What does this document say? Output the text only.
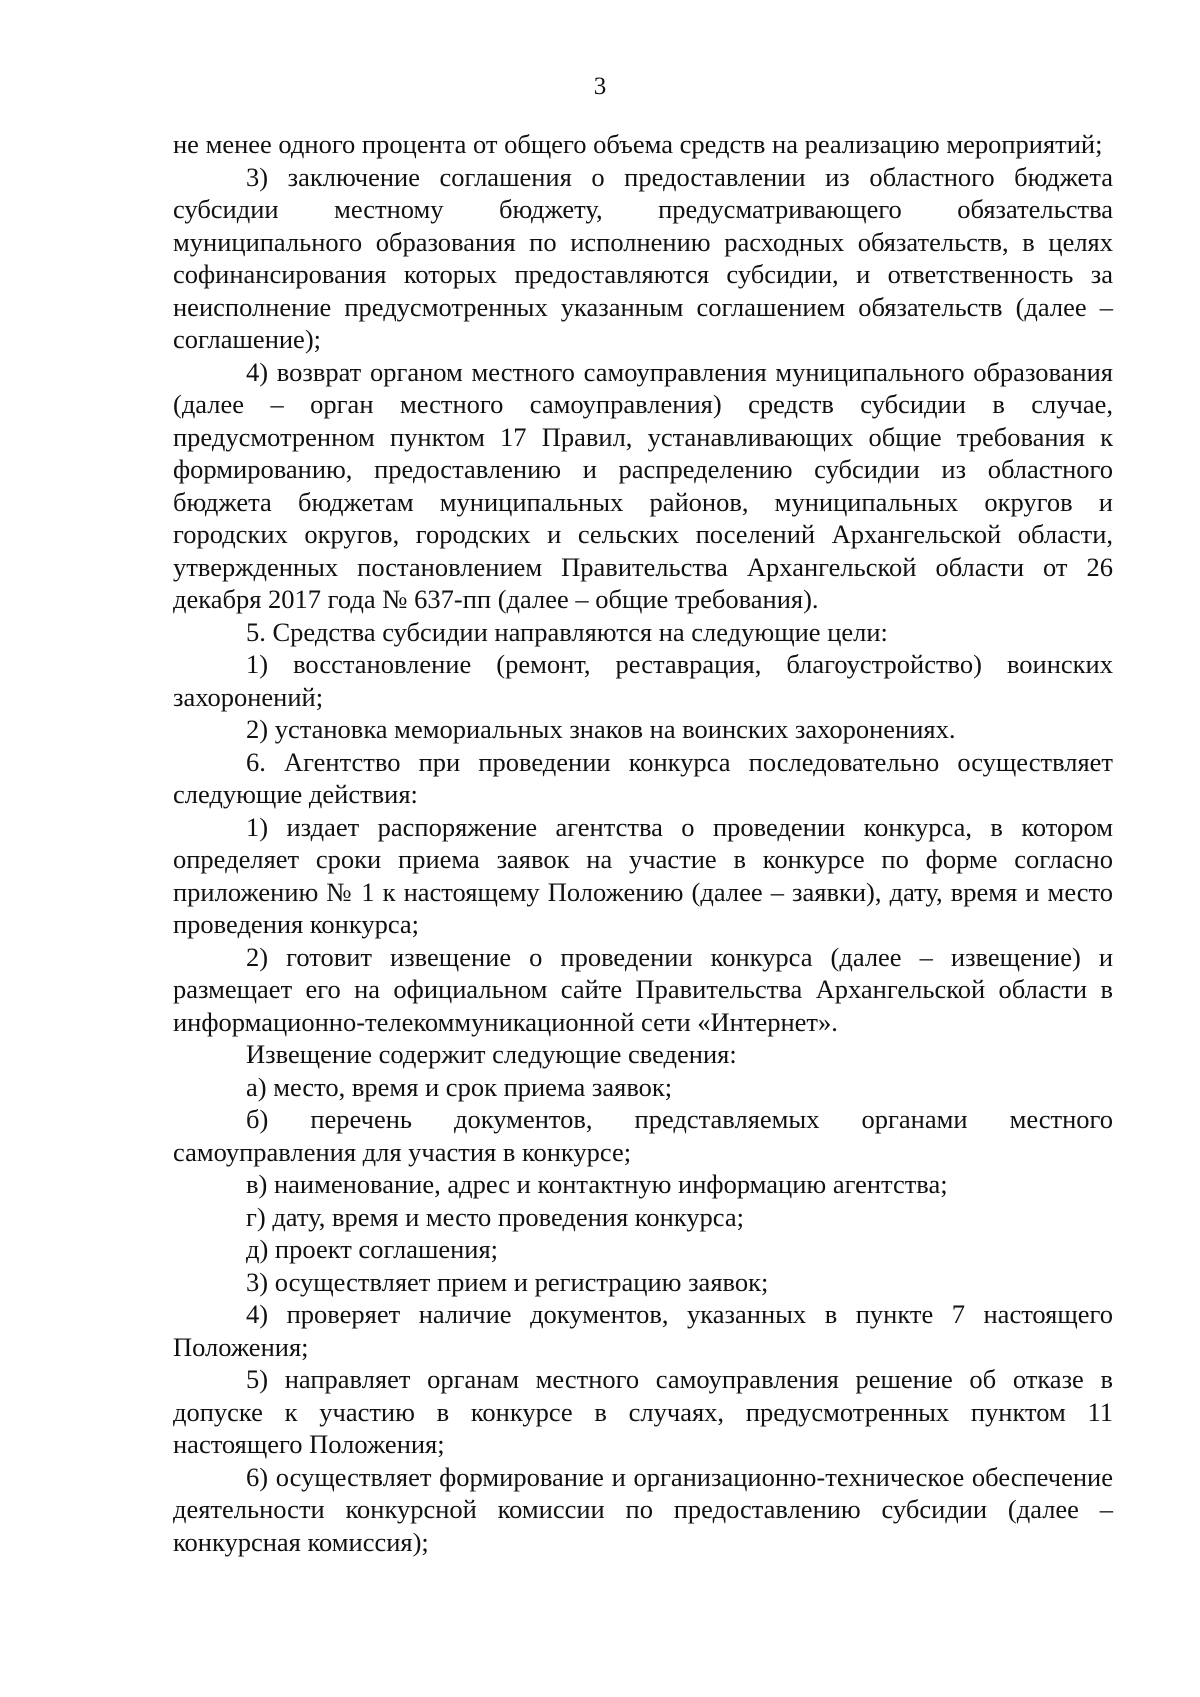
3

не менее одного процента от общего объема средств на реализацию мероприятий;

3) заключение соглашения о предоставлении из областного бюджета субсидии местному бюджету, предусматривающего обязательства муниципального образования по исполнению расходных обязательств, в целях софинансирования которых предоставляются субсидии, и ответственность за неисполнение предусмотренных указанным соглашением обязательств (далее – соглашение);

4) возврат органом местного самоуправления муниципального образования (далее – орган местного самоуправления) средств субсидии в случае, предусмотренном пунктом 17 Правил, устанавливающих общие требования к формированию, предоставлению и распределению субсидии из областного бюджета бюджетам муниципальных районов, муниципальных округов и городских округов, городских и сельских поселений Архангельской области, утвержденных постановлением Правительства Архангельской области от 26 декабря 2017 года № 637-пп (далее – общие требования).

5. Средства субсидии направляются на следующие цели:

1) восстановление (ремонт, реставрация, благоустройство) воинских захоронений;

2) установка мемориальных знаков на воинских захоронениях.

6. Агентство при проведении конкурса последовательно осуществляет следующие действия:

1) издает распоряжение агентства о проведении конкурса, в котором определяет сроки приема заявок на участие в конкурсе по форме согласно приложению № 1 к настоящему Положению (далее – заявки), дату, время и место проведения конкурса;

2) готовит извещение о проведении конкурса (далее – извещение) и размещает его на официальном сайте Правительства Архангельской области в информационно-телекоммуникационной сети «Интернет».

Извещение содержит следующие сведения:

а) место, время и срок приема заявок;

б) перечень документов, представляемых органами местного самоуправления для участия в конкурсе;

в) наименование, адрес и контактную информацию агентства;

г) дату, время и место проведения конкурса;

д) проект соглашения;

3) осуществляет прием и регистрацию заявок;

4) проверяет наличие документов, указанных в пункте 7 настоящего Положения;

5) направляет органам местного самоуправления решение об отказе в допуске к участию в конкурсе в случаях, предусмотренных пунктом 11 настоящего Положения;

6) осуществляет формирование и организационно-техническое обеспечение деятельности конкурсной комиссии по предоставлению субсидии (далее – конкурсная комиссия);
